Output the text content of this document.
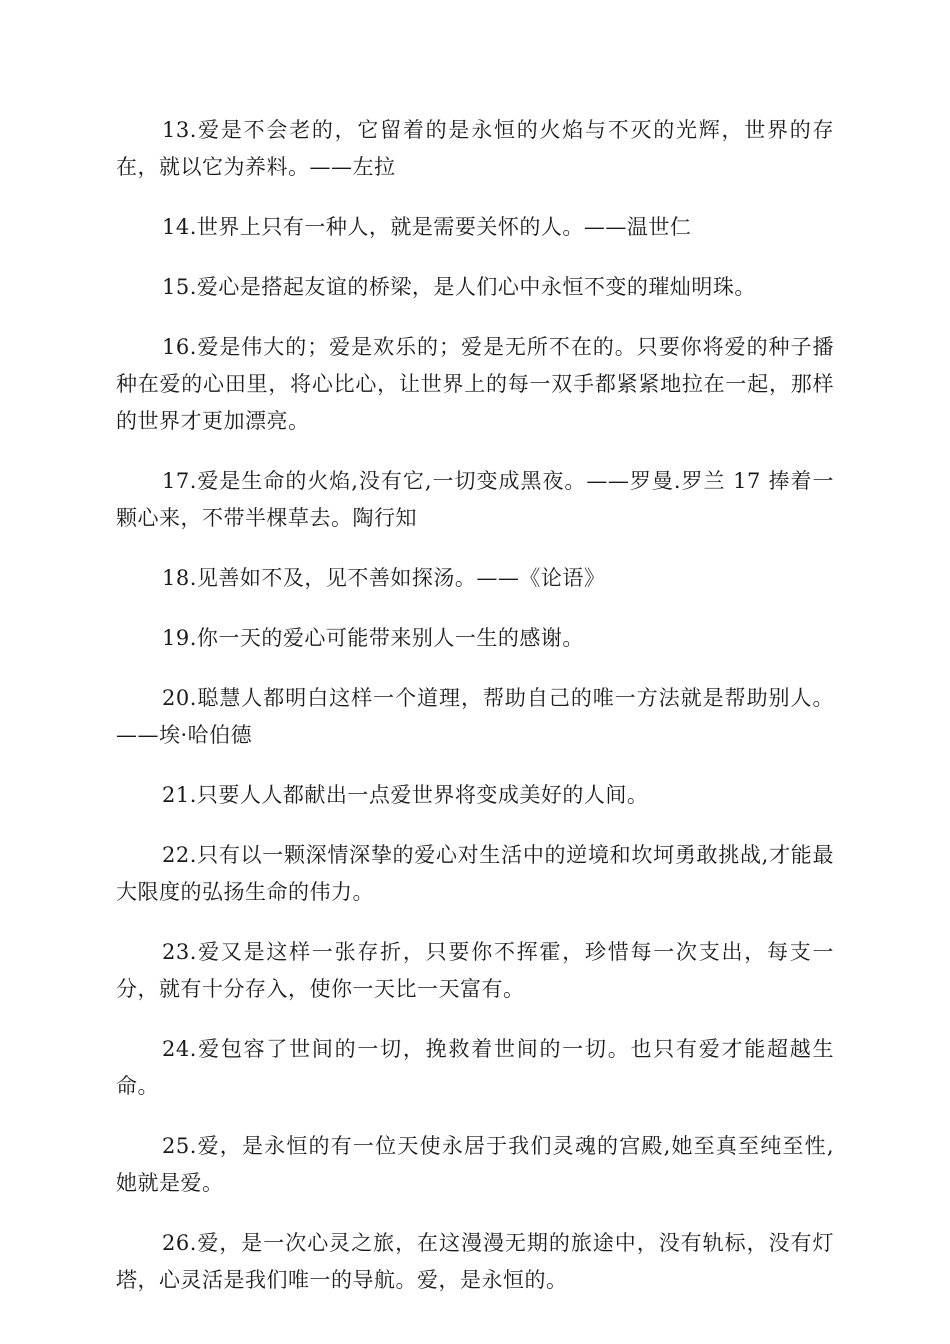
13.爱是不会老的，它留着的是永恒的火焰与不灭的光辉，世界的存在，就以它为养料。——左拉

14.世界上只有一种人，就是需要关怀的人。——温世仁

15.爱心是搭起友谊的桥梁，是人们心中永恒不变的璀灿明珠。

16.爱是伟大的；爱是欢乐的；爱是无所不在的。只要你将爱的种子播种在爱的心田里，将心比心，让世界上的每一双手都紧紧地拉在一起，那样的世界才更加漂亮。

17.爱是生命的火焰,没有它,一切变成黑夜。——罗曼.罗兰 17 捧着一颗心来，不带半棵草去。陶行知

18.见善如不及，见不善如探汤。——《论语》

19.你一天的爱心可能带来别人一生的感谢。

20.聪慧人都明白这样一个道理，帮助自己的唯一方法就是帮助别人。——埃·哈伯德

21.只要人人都献出一点爱世界将变成美好的人间。

22.只有以一颗深情深挚的爱心对生活中的逆境和坎坷勇敢挑战,才能最大限度的弘扬生命的伟力。

23.爱又是这样一张存折，只要你不挥霍，珍惜每一次支出，每支一分，就有十分存入，使你一天比一天富有。

24.爱包容了世间的一切，挽救着世间的一切。也只有爱才能超越生命。

25.爱，是永恒的有一位天使永居于我们灵魂的宫殿,她至真至纯至性,她就是爱。

26.爱，是一次心灵之旅，在这漫漫无期的旅途中，没有轨标，没有灯塔，心灵活是我们唯一的导航。爱，是永恒的。
